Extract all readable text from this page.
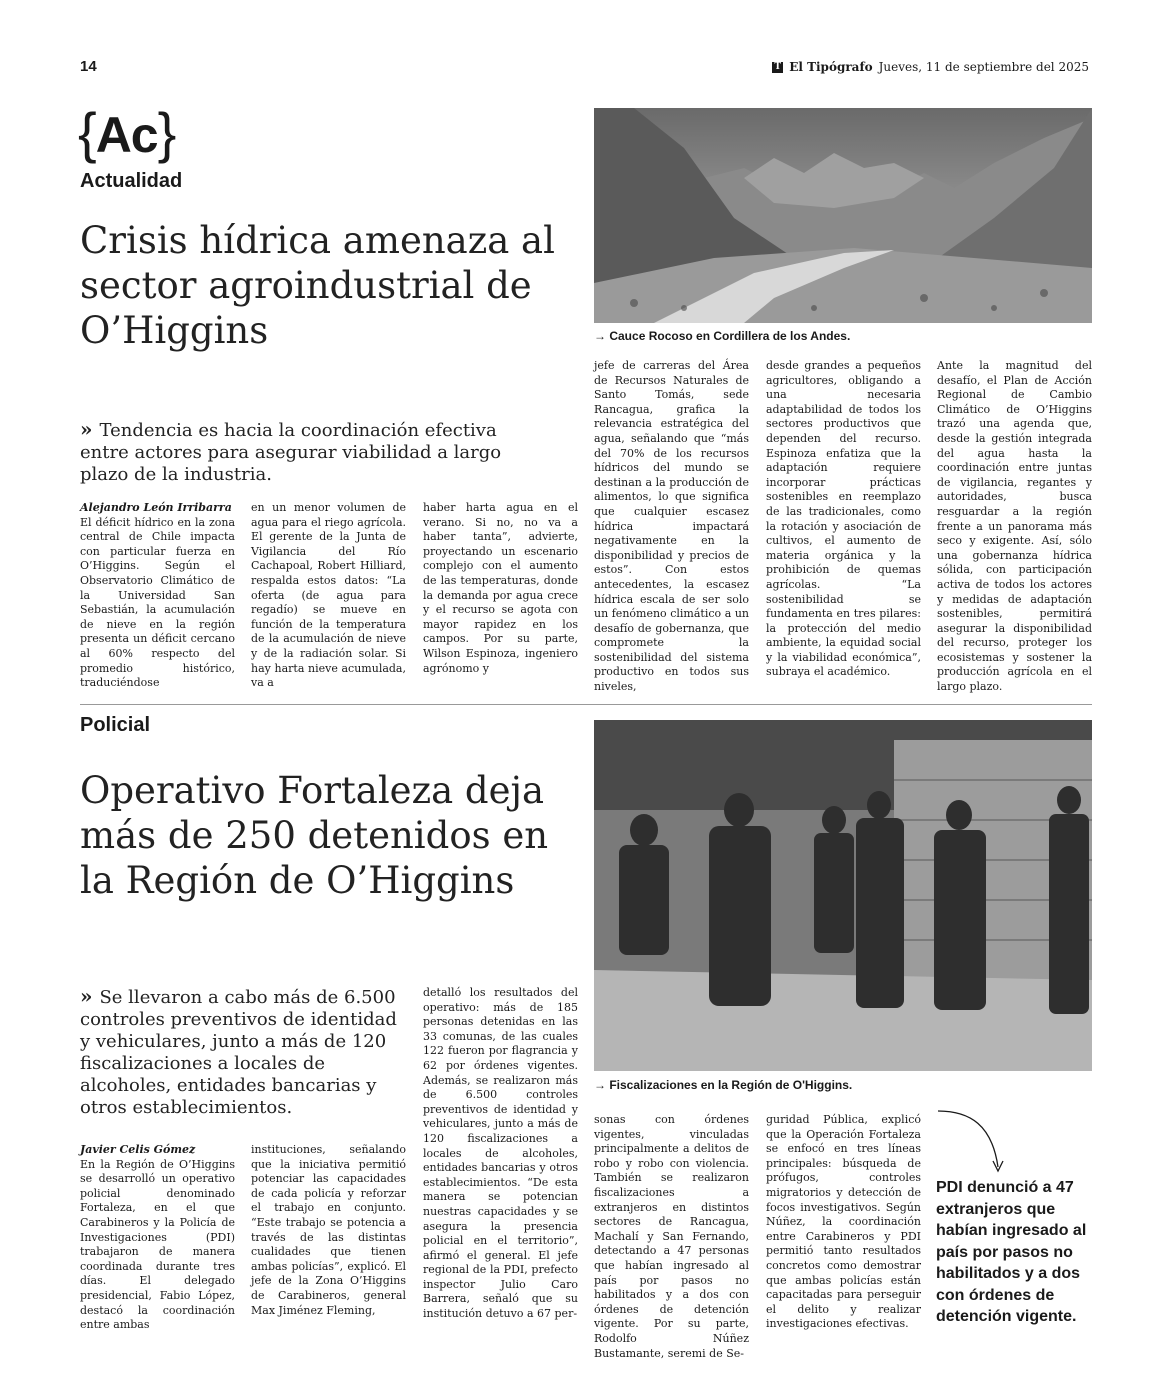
14	T El Tipógrafo Jueves, 11 de septiembre del 2025
{Ac}
Actualidad
Crisis hídrica amenaza al sector agroindustrial de O’Higgins	→ Cauce Rocoso en Cordillera de los Andes.
» Tendencia es hacia la coordinación efectiva entre actores para asegurar viabilidad a largo plazo de la industria.

Alejandro León Irribarra

El déficit hídrico en la zona central de Chile impacta con particular fuerza en O’Higgins. Según el Observatorio Climático de la Universidad San Sebastián, la acumulación de nieve en la región presenta un déficit cercano al 60% respecto del promedio histórico, traduciéndose

en un menor volumen de agua para el riego agrícola. El gerente de la Junta de Vigilancia del Río Cachapoal, Robert Hilliard, respalda estos datos: “La oferta (de agua para regadío) se mueve en función de la temperatura de la acumulación de nieve y de la radiación solar. Si hay harta nieve acumulada, va a
haber harta agua en el verano. Si no, no va a haber tanta”, advierte, proyectando un escenario complejo con el aumento de las temperaturas, donde la demanda por agua crece y el recurso se agota con mayor rapidez en los campos. Por su parte, Wilson Espinoza, ingeniero agrónomo y
jefe de carreras del Área de Recursos Naturales de Santo Tomás, sede Rancagua, grafica la relevancia estratégica del agua, señalando que “más del 70% de los recursos hídricos del mundo se destinan a la producción de alimentos, lo que significa que cualquier escasez hídrica impactará negativamente en la disponibilidad y precios de estos”. Con estos antecedentes, la escasez hídrica escala de ser solo un fenómeno climático a un desafío de gobernanza, que compromete la sostenibilidad del sistema productivo en todos sus niveles,
desde grandes a pequeños agricultores, obligando a una necesaria adaptabilidad de todos los sectores productivos que dependen del recurso. Espinoza enfatiza que la adaptación requiere incorporar prácticas sostenibles en reemplazo de las tradicionales, como la rotación y asociación de cultivos, el aumento de materia orgánica y la prohibición de quemas agrícolas. “La sostenibilidad se fundamenta en tres pilares: la protección del medio ambiente, la equidad social y la viabilidad económica”, subraya el académico.
Ante la magnitud del desafío, el Plan de Acción Regional de Cambio Climático de O’Higgins trazó una agenda que, desde la gestión integrada del agua hasta la coordinación entre juntas de vigilancia, regantes y autoridades, busca resguardar a la región frente a un panorama más seco y exigente. Así, sólo una gobernanza hídrica sólida, con participación activa de todos los actores y medidas de adaptación sostenibles, permitirá asegurar la disponibilidad del recurso, proteger los ecosistemas y sostener la producción agrícola en el largo plazo.
Policial
Operativo Fortaleza deja más de 250 detenidos en la Región de O’Higgins
→ Fiscalizaciones en la Región de O'Higgins.
» Se llevaron a cabo más de 6.500 controles preventivos de identidad y vehiculares, junto a más de 120 fiscalizaciones a locales de alcoholes, entidades bancarias y otros establecimientos.

Javier Celis Gómez

En la Región de O’Higgins se desarrolló un operativo policial denominado Fortaleza, en el que Carabineros y la Policía de Investigaciones (PDI) trabajaron de manera coordinada durante tres días. El delegado presidencial, Fabio López, destacó la coordinación entre ambas

instituciones, señalando que la iniciativa permitió potenciar las capacidades de cada policía y reforzar el trabajo en conjunto. “Este trabajo se potencia a través de las distintas cualidades que tienen ambas policías”, explicó. El jefe de la Zona O’Higgins de Carabineros, general Max Jiménez Fleming,
detalló los resultados del operativo: más de 185 personas detenidas en las 33 comunas, de las cuales 122 fueron por flagrancia y 62 por órdenes vigentes. Además, se realizaron más de 6.500 controles preventivos de identidad y vehiculares, junto a más de 120 fiscalizaciones a locales de alcoholes, entidades bancarias y otros establecimientos. “De esta manera se potencian nuestras capacidades y se asegura la presencia policial en el territorio”, afirmó el general. El jefe regional de la PDI, prefecto inspector Julio Caro Barrera, señaló que su institución detuvo a 67 per-
sonas con órdenes vigentes, vinculadas principalmente a delitos de robo y robo con violencia. También se realizaron fiscalizaciones a extranjeros en distintos sectores de Rancagua, Machalí y San Fernando, detectando a 47 personas que habían ingresado al país por pasos no habilitados y a dos con órdenes de detención vigente. Por su parte, Rodolfo Núñez Bustamante, seremi de Se-
guridad Pública, explicó que la Operación Fortaleza se enfocó en tres líneas principales: búsqueda de prófugos, controles migratorios y detección de focos investigativos. Según Núñez, la coordinación entre Carabineros y PDI permitió tanto resultados concretos como demostrar que ambas policías están capacitadas para perseguir el delito y realizar investigaciones efectivas.
PDI denunció a 47 extranjeros que habían ingresado al país por pasos no habilitados y a dos con órdenes de detención vigente.
